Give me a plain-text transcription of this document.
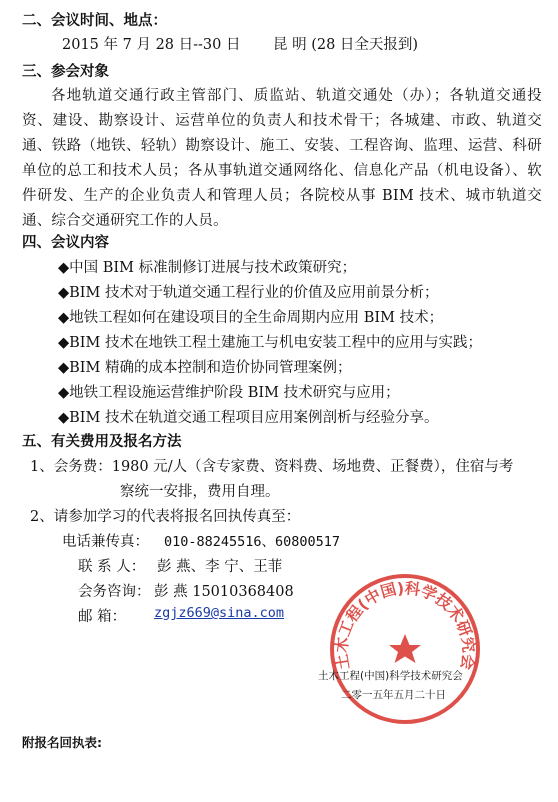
二、会议时间、地点：
2015 年 7 月 28 日--30 日 昆 明 (28 日全天报到)
三、参会对象
各地轨道交通行政主管部门、质监站、轨道交通处（办）；各轨道交通投资、建设、勘察设计、运营单位的负责人和技术骨干；各城建、市政、轨道交通、铁路（地铁、轻轨）勘察设计、施工、安装、工程咨询、监理、运营、科研单位的总工和技术人员；各从事轨道交通网络化、信息化产品（机电设备）、软件研发、生产的企业负责人和管理人员；各院校从事 BIM 技术、城市轨道交通、综合交通研究工作的人员。
四、会议内容
◆中国 BIM 标准制修订进展与技术政策研究；
◆BIM 技术对于轨道交通工程行业的价值及应用前景分析；
◆地铁工程如何在建设项目的全生命周期内应用 BIM 技术；
◆BIM 技术在地铁工程土建施工与机电安装工程中的应用与实践；
◆BIM 精确的成本控制和造价协同管理案例；
◆地铁工程设施运营维护阶段 BIM 技术研究与应用；
◆BIM 技术在轨道交通工程项目应用案例剖析与经验分享。
五、有关费用及报名方法
1、会务费：1980 元/人（含专家费、资料费、场地费、正餐费），住宿与考
察统一安排，费用自理。
2、请参加学习的代表将报名回执传真至：
电话兼传真： 010-88245516、60800517
联 系 人： 彭 燕、李 宁、王菲
会务咨询： 彭 燕 15010368408
邮 箱： zgjz669@sina.com
土木工程(中国)科学技术研究会
土木工程(中国)科学技术研究会
二零一五年五月二十日
附报名回执表:
